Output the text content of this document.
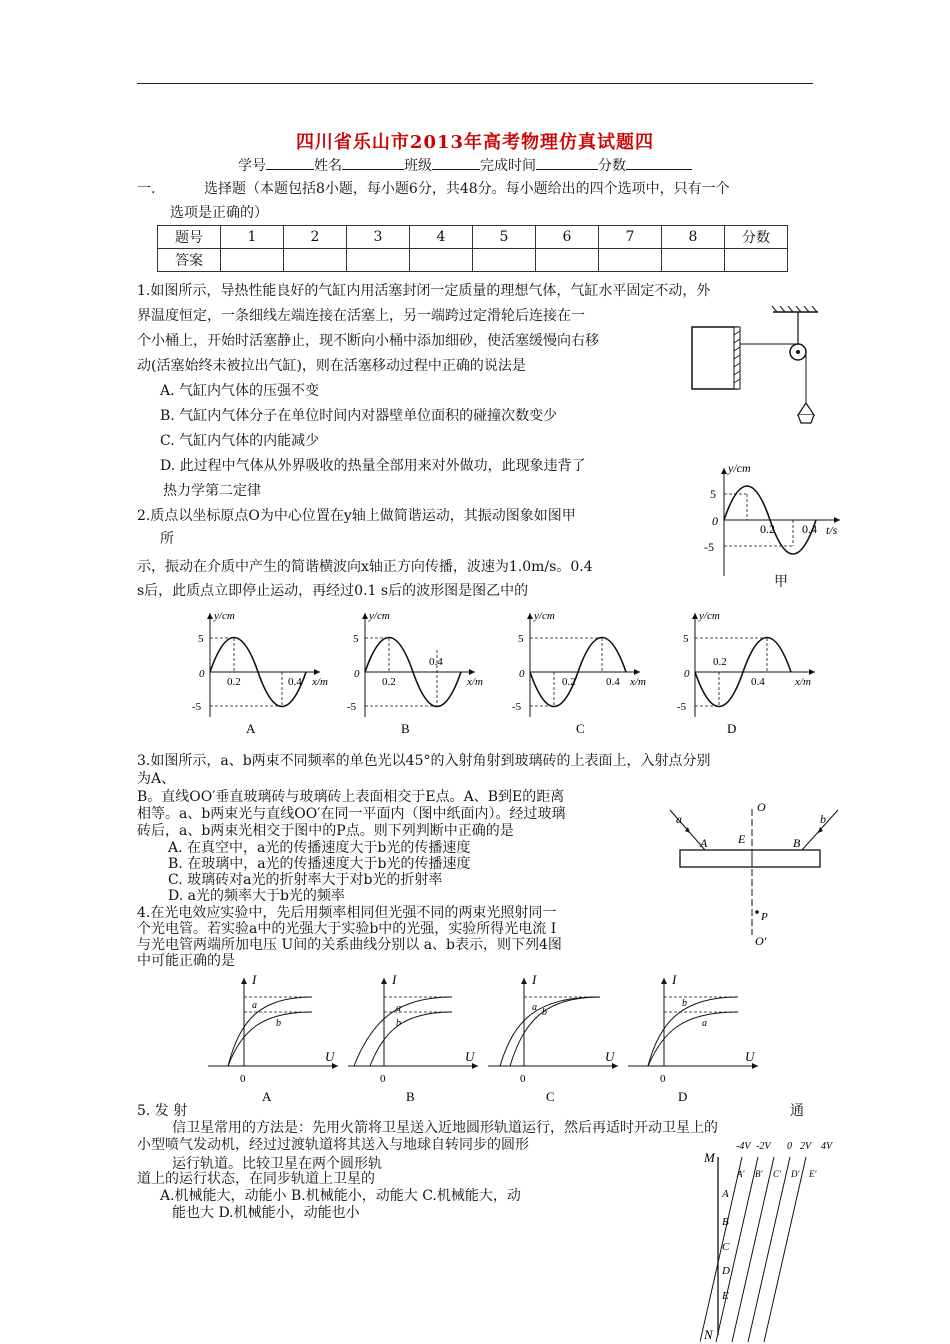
四川省乐山市2013年高考物理仿真试题四
学号	姓名	班级	完成时间	分数
一.	选择题（本题包括8小题，每小题6分，共48分。每小题给出的四个选项中，只有一个
选项是正确的）
题号	1	2	3	4	5	6	7	8	分数
答案									
1.如图所示，导热性能良好的气缸内用活塞封闭一定质量的理想气体，气缸水平固定不动，外
界温度恒定，一条细线左端连接在活塞上，另一端跨过定滑轮后连接在一
个小桶上，开始时活塞静止，现不断向小桶中添加细砂，使活塞缓慢向右移
动(活塞始终未被拉出气缸)，则在活塞移动过程中正确的说法是
A. 气缸内气体的压强不变
B. 气缸内气体分子在单位时间内对器壁单位面积的碰撞次数变少
C. 气缸内气体的内能减少
D. 此过程中气体从外界吸收的热量全部用来对外做功，此现象违背了
热力学第二定律
2.质点以坐标原点O为中心位置在y轴上做简谐运动，其振动图象如图甲
所
示，振动在介质中产生的简谐横波向x轴正方向传播，波速为1.0m/s。0.4
s后，此质点立即停止运动，再经过0.1 s后的波形图是图乙中的
y/cm
5
-5
0
0.2 0.4 t/s
甲
y/cm
5
-5
0
0.2	0.4 x/m
A
y/cm
5
-5
0
0.2
0.4
x/m
B
y/cm
5
-5
0
0.2	0.4 x/m
C
y/cm
5
-5
0
0.2
0.4	x/m
D
3.如图所示，a、b两束不同频率的单色光以45°的入射角射到玻璃砖的上表面上，入射点分别
为A、
B。直线OO′垂直玻璃砖与玻璃砖上表面相交于E点。A、B到E的距离
相等。a、b两束光与直线OO′在同一平面内（图中纸面内）。经过玻璃
砖后，a、b两束光相交于图中的P点。则下列判断中正确的是
A. 在真空中，a光的传播速度大于b光的传播速度
B. 在玻璃中，a光的传播速度大于b光的传播速度
C. 玻璃砖对a光的折射率大于对b光的折射率
D. a光的频率大于b光的频率
O
O′
A	B
E
P
a	b
4.在光电效应实验中，先后用频率相同但光强不同的两束光照射同一
个光电管。若实验a中的光强大于实验b中的光强，实验所得光电流 I
与光电管两端所加电压 U间的关系曲线分别以 a、b表示，则下列4图
中可能正确的是
I
U
0
a
b
A
I
U
0
a
b
B
I
U
0
a b
C
I
U
0
b
a
D
5. 发 射	通
信卫星常用的方法是：先用火箭将卫星送入近地圆形轨道运行，然后再适时开动卫星上的
小型喷气发动机，经过过渡轨道将其送入与地球自转同步的圆形
运行轨道。比较卫星在两个圆形轨
道上的运行状态，在同步轨道上卫星的
A.机械能大，动能小 B.机械能小，动能大 C.机械能大，动
能也大 D.机械能小，动能也小
M
N
-4V -2V 0 2V 4V
A' B' C' D' E'
A
B
C
D
E
